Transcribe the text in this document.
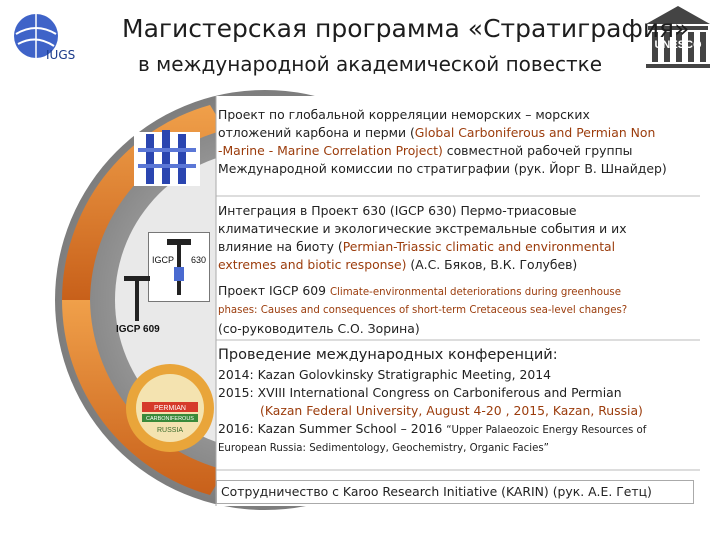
IUGS
UNESCO
Магистерская программа «Стратиграфия»
в международной академической повестке
IGCP 630
IGCP 609
PERMIAN
CARBONIFEROUS
RUSSIA
Проект по глобальной корреляции неморских – морских
отложений карбона и перми (Global Carboniferous and Permian Non
-Marine - Marine Correlation Project) совместной рабочей группы
Международной комиссии по стратиграфии (рук. Йорг В. Шнайдер)
Интеграция в Проект 630 (IGCP 630) Пермо-триасовые
климатические и экологические экстремальные события и их
влияние на биоту (Permian-Triassic climatic and environmental
extremes and biotic response) (А.С. Бяков, В.К. Голубев)
Проект IGCP 609 Climate-environmental deteriorations during greenhouse
phases: Causes and consequences of short-term Cretaceous sea-level changes?
(со-руководитель С.О. Зорина)
Проведение международных конференций:
2014: Kazan Golovkinsky Stratigraphic Meeting, 2014
2015: XVIII International Congress on Carboniferous and Permian
(Kazan Federal University, August 4-20 , 2015, Kazan, Russia)
2016: Kazan Summer School – 2016 “Upper Palaeozoic Energy Resources of
European Russia: Sedimentology, Geochemistry, Organic Facies”
Сотрудничество с Karoo Research Initiative (KARIN) (рук. А.Е. Гетц)
